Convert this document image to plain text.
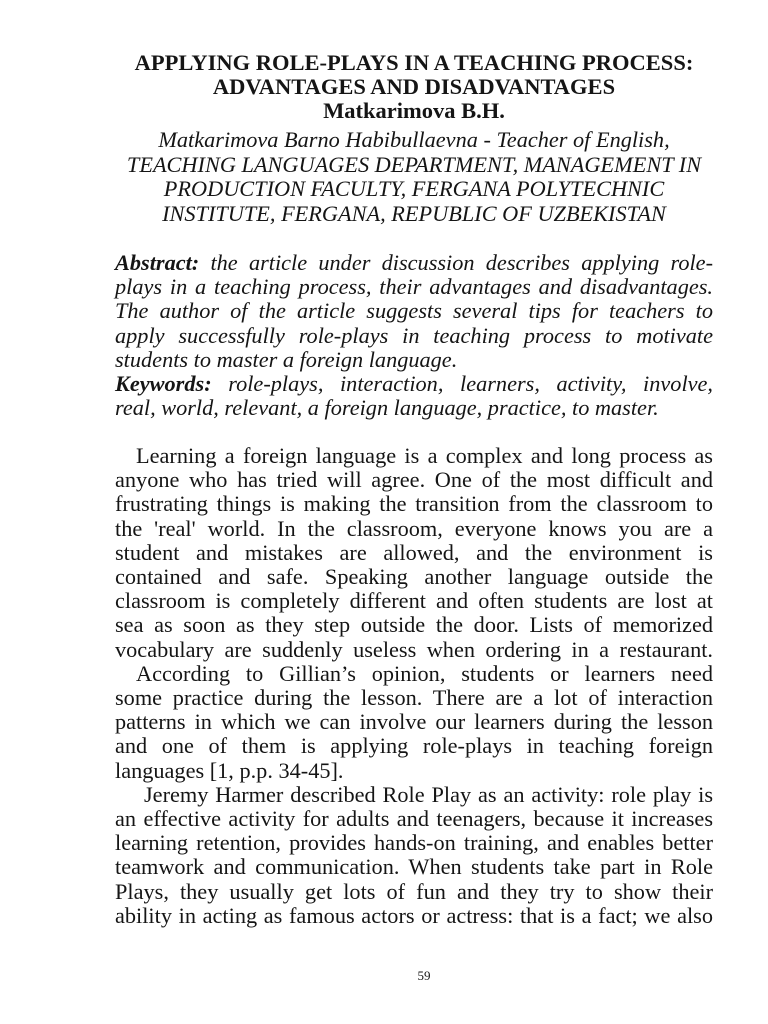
APPLYING ROLE-PLAYS IN A TEACHING PROCESS:
ADVANTAGES AND DISADVANTAGES
Matkarimova B.H.
Matkarimova Barno Habibullaevna - Teacher of English,
TEACHING LANGUAGES DEPARTMENT, MANAGEMENT IN
PRODUCTION FACULTY, FERGANA POLYTECHNIC
INSTITUTE, FERGANA, REPUBLIC OF UZBEKISTAN
Abstract: the article under discussion describes applying role-
plays in a teaching process, their advantages and disadvantages.
The author of the article suggests several tips for teachers to
apply successfully role-plays in teaching process to motivate
students to master a foreign language.
Keywords: role-plays, interaction, learners, activity, involve,
real, world, relevant, a foreign language, practice, to master.
Learning a foreign language is a complex and long process as
anyone who has tried will agree. One of the most difficult and
frustrating things is making the transition from the classroom to
the 'real' world. In the classroom, everyone knows you are a
student and mistakes are allowed, and the environment is
contained and safe. Speaking another language outside the
classroom is completely different and often students are lost at
sea as soon as they step outside the door. Lists of memorized
vocabulary are suddenly useless when ordering in a restaurant.
According to Gillian’s opinion, students or learners need
some practice during the lesson. There are a lot of interaction
patterns in which we can involve our learners during the lesson
and one of them is applying role-plays in teaching foreign
languages [1, p.p. 34-45].
Jeremy Harmer described Role Play as an activity: role play is
an effective activity for adults and teenagers, because it increases
learning retention, provides hands-on training, and enables better
teamwork and communication. When students take part in Role
Plays, they usually get lots of fun and they try to show their
ability in acting as famous actors or actress: that is a fact; we also
59
